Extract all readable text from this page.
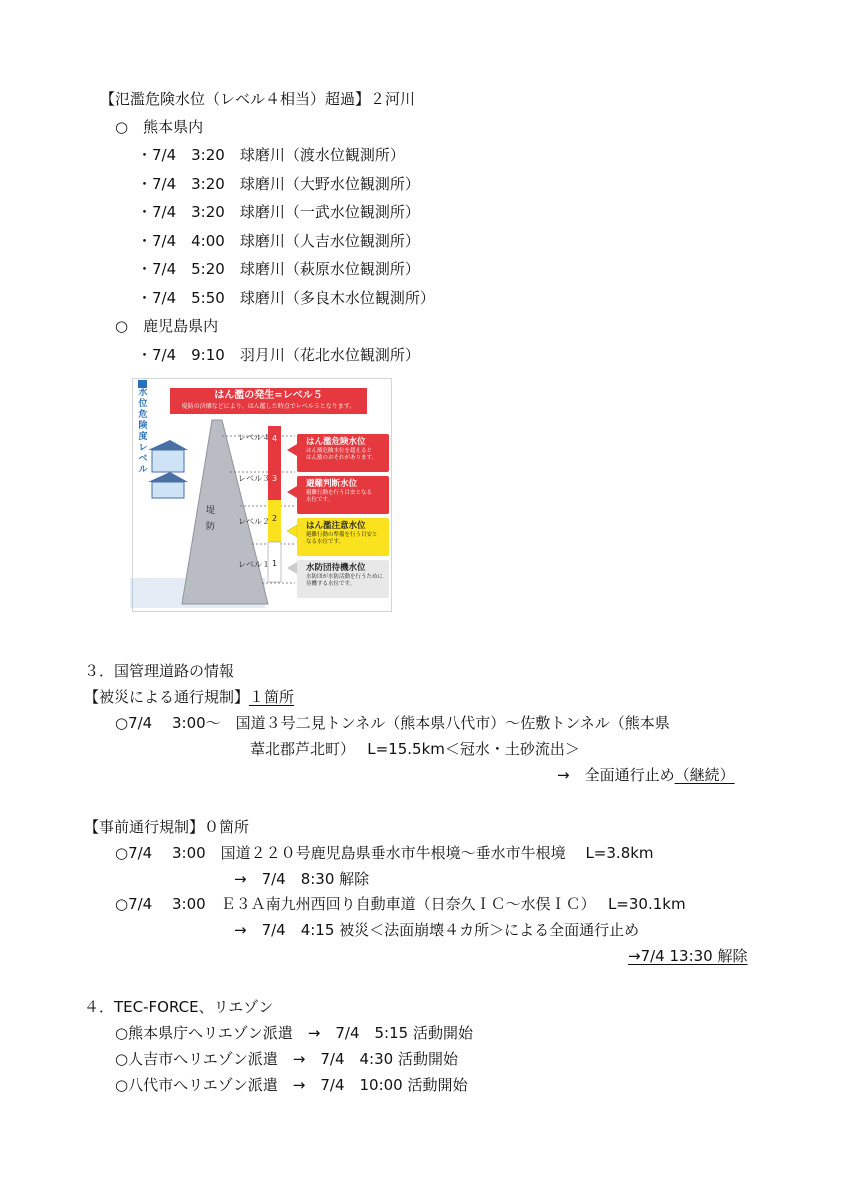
【氾濫危険水位（レベル４相当）超過】２河川
○　熊本県内
・7/4　3:20　球磨川（渡水位観測所）
・7/4　3:20　球磨川（大野水位観測所）
・7/4　3:20　球磨川（一武水位観測所）
・7/4　4:00　球磨川（人吉水位観測所）
・7/4　5:20　球磨川（萩原水位観測所）
・7/4　5:50　球磨川（多良木水位観測所）
○　鹿児島県内
・7/4　9:10　羽月川（花北水位観測所）
水
位
危
険
度
レ
ベ
ル
はん濫の発生=レベル５
堤防の決壊などにより、はん濫した時点でレベル５となります。
堤
防
レベル４
レベル３
レベル２
レベル１
4
3
2
1
はん濫危険水位
はん濫危険水位を超えると
はん濫のおそれがあります。
避難判断水位
避難行動を行う目安となる
水位です。
はん濫注意水位
避難行動の準備を行う目安と
なる水位です。
水防団待機水位
水防団が水防活動を行うために
待機する水位です。
３．国管理道路の情報
【被災による通行規制】１箇所
○7/4　 3:00～　国道３号二見トンネル（熊本県八代市）～佐敷トンネル（熊本県
葦北郡芦北町）　 L=15.5km＜冠水・土砂流出＞
→　全面通行止め（継続）
【事前通行規制】０箇所
○7/4　 3:00　国道２２０号鹿児島県垂水市牛根境～垂水市牛根境　 L=3.8km
→　7/4　8:30 解除
○7/4　 3:00　Ｅ３Ａ南九州西回り自動車道（日奈久ＩＣ～水俣ＩＣ）　 L=30.1km
→　7/4　4:15 被災＜法面崩壊４カ所＞による全面通行止め
→7/4 13:30 解除
４．TEC-FORCE、リエゾン
○熊本県庁へリエゾン派遣　→　7/4　5:15 活動開始
○人吉市へリエゾン派遣　→　7/4　4:30 活動開始
○八代市へリエゾン派遣　→　7/4　10:00 活動開始
